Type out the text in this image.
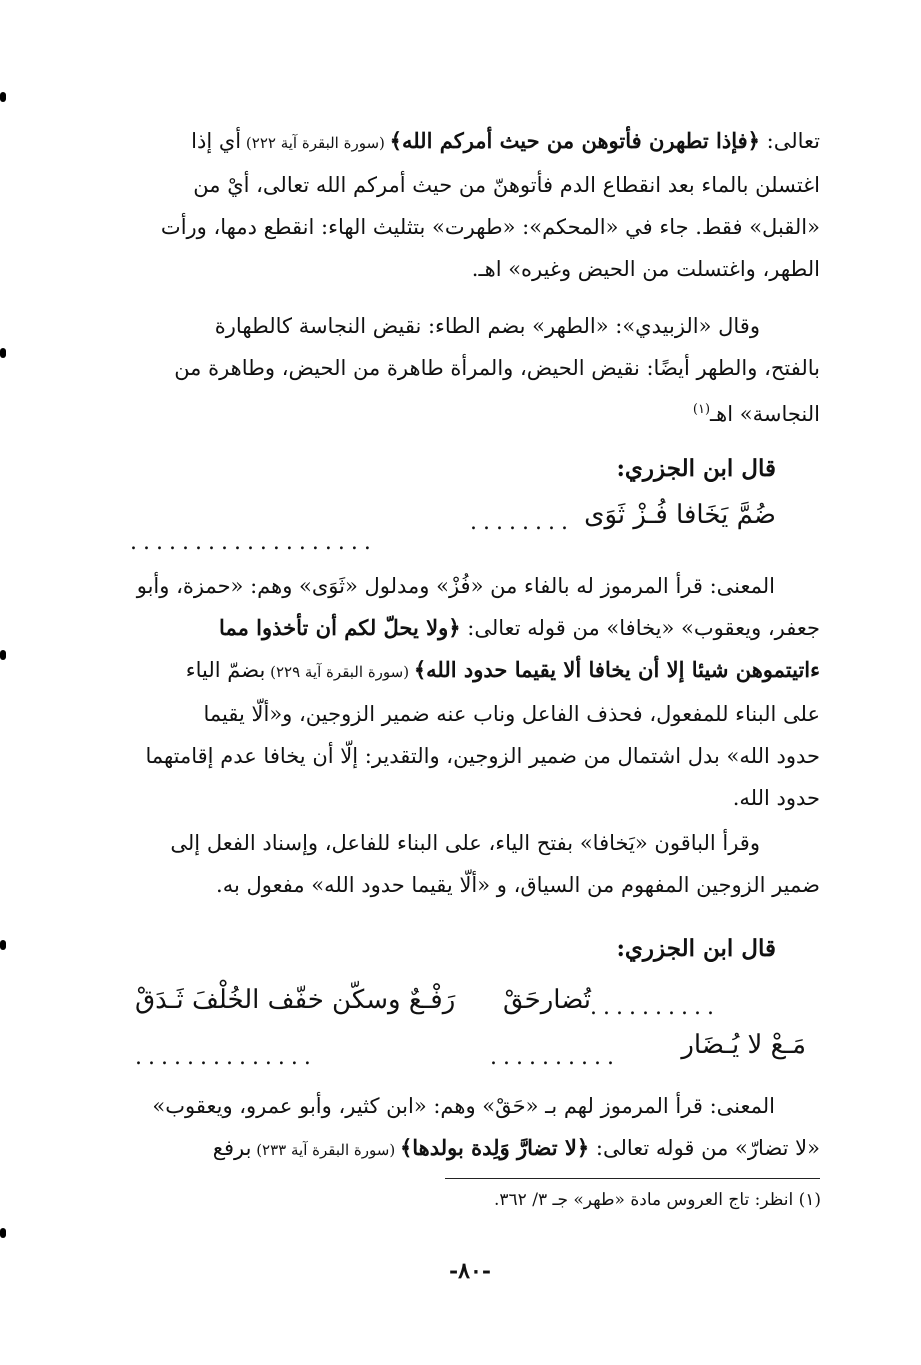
تعالى: ﴿فإذا تطهرن فأتوهن من حيث أمركم الله﴾ (سورة البقرة آية ٢٢٢) أي إذا
اغتسلن بالماء بعد انقطاع الدم فأتوهنّ من حيث أمركم الله تعالى، أيْ من
«القبل» فقط. جاء في «المحكم»: «طهرت» بتثليث الهاء: انقطع دمها، ورأت
الطهر، واغتسلت من الحيض وغيره» اهـ.
وقال «الزبيدي»: «الطهر» بضم الطاء: نقيض النجاسة كالطهارة
بالفتح، والطهر أيضًا: نقيض الحيض، والمرأة طاهرة من الحيض، وطاهرة من
النجاسة» اهـ$^{(١)}$
قال ابن الجزري:
ضُمَّ يَخَافا فُـزْ ثَوَى
........
...................
المعنى: قرأ المرموز له بالفاء من «فُزْ» ومدلول «ثَوَى» وهم: «حمزة، وأبو
جعفر، ويعقوب» «يخافا» من قوله تعالى: ﴿ولا يحلّ لكم أن تأخذوا مما
ءاتيتموهن شيئا إلا أن يخافا ألا يقيما حدود الله﴾ (سورة البقرة آية ٢٢٩) بضمّ الياء
على البناء للمفعول، فحذف الفاعل وناب عنه ضمير الزوجين، و«ألّا يقيما
حدود الله» بدل اشتمال من ضمير الزوجين، والتقدير: إلّا أن يخافا عدم إقامتهما
حدود الله.
وقرأ الباقون «يَخافا» بفتح الياء، على البناء للفاعل، وإسناد الفعل إلى
ضمير الزوجين المفهوم من السياق، و «ألّا يقيما حدود الله» مفعول به.
قال ابن الجزري:
رَفْـعٌ وسكّن خفّف الخُلْفَ ثَـدَقْ تُضارحَقْ ..........
مَـعْ لا يُـضَار
..........
..............
المعنى: قرأ المرموز لهم بـ «حَقْ» وهم: «ابن كثير، وأبو عمرو، ويعقوب»
«لا تضارّ» من قوله تعالى: ﴿لا تضارَّ وَلِدة بولدها﴾ (سورة البقرة آية ٢٣٣) برفع
(١) انظر: تاج العروس مادة «طهر» جـ ٣/ ٣٦٢.
-٨٠-
